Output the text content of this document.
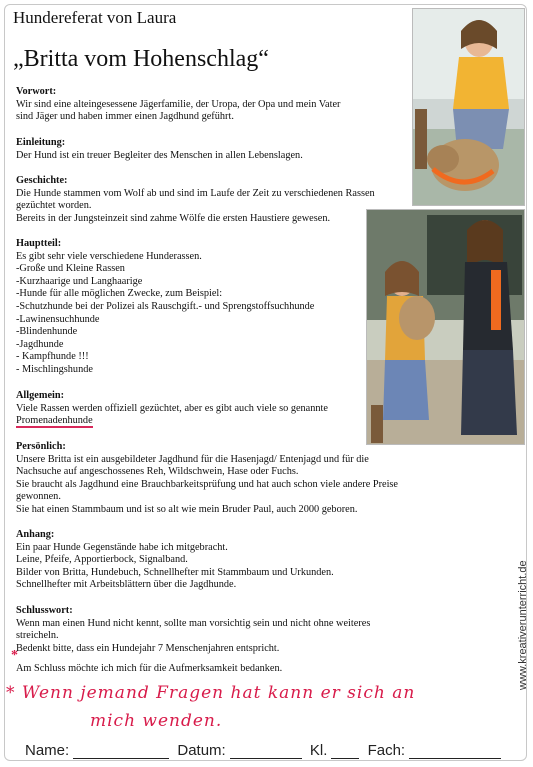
Hundereferat von Laura
„Britta vom Hohenschlag“
Vorwort:

Wir sind eine alteingesessene Jägerfamilie, der Uropa, der Opa und mein Vater
sind Jäger und haben immer einen Jagdhund geführt.

Einleitung:

Der Hund ist ein treuer Begleiter des Menschen in allen Lebenslagen.

Geschichte:

Die Hunde stammen vom Wolf ab und sind im Laufe der Zeit zu verschiedenen Rassen
gezüchtet worden.
Bereits in der Jungsteinzeit sind zahme Wölfe die ersten Haustiere gewesen.

Hauptteil:

Es gibt sehr viele verschiedene Hunderassen.
-Große und Kleine Rassen
-Kurzhaarige und Langhaarige
-Hunde für alle möglichen Zwecke, zum Beispiel:
-Schutzhunde bei der Polizei als Rauschgift.- und Sprengstoffsuchhunde
-Lawinensuchhunde
-Blindenhunde
-Jagdhunde
- Kampfhunde !!!
- Mischlingshunde

Allgemein:

Viele Rassen werden offiziell gezüchtet, aber es gibt auch viele so genannte
Promenadenhunde

Persönlich:

Unsere Britta ist ein ausgebildeter Jagdhund für die Hasenjagd/ Entenjagd und für die
Nachsuche auf angeschossenes Reh, Wildschwein, Hase oder Fuchs.
Sie braucht als Jagdhund eine Brauchbarkeitsprüfung und hat auch schon viele andere Preise
gewonnen.
Sie hat einen Stammbaum und ist so alt wie mein Bruder Paul, auch 2000 geboren.

Anhang:

Ein paar Hunde Gegenstände habe ich mitgebracht.
Leine, Pfeife, Apportierbock, Signalband.
Bilder von Britta, Hundebuch, Schnellhefter mit Stammbaum und Urkunden.
Schnellhefter mit Arbeitsblättern über die Jagdhunde.

Schlusswort:

Wenn man einen Hund nicht kennt, sollte man vorsichtig sein und nicht ohne weiteres
streicheln.
Bedenkt bitte, dass ein Hundejahr 7 Menschenjahren entspricht.
Am Schluss möchte ich mich für die Aufmerksamkeit bedanken.

*
* Wenn jemand Fragen hat kann er sich an
mich wenden.
Name:	Datum:	Kl.	Fach:
www.kreativerunterricht.de
